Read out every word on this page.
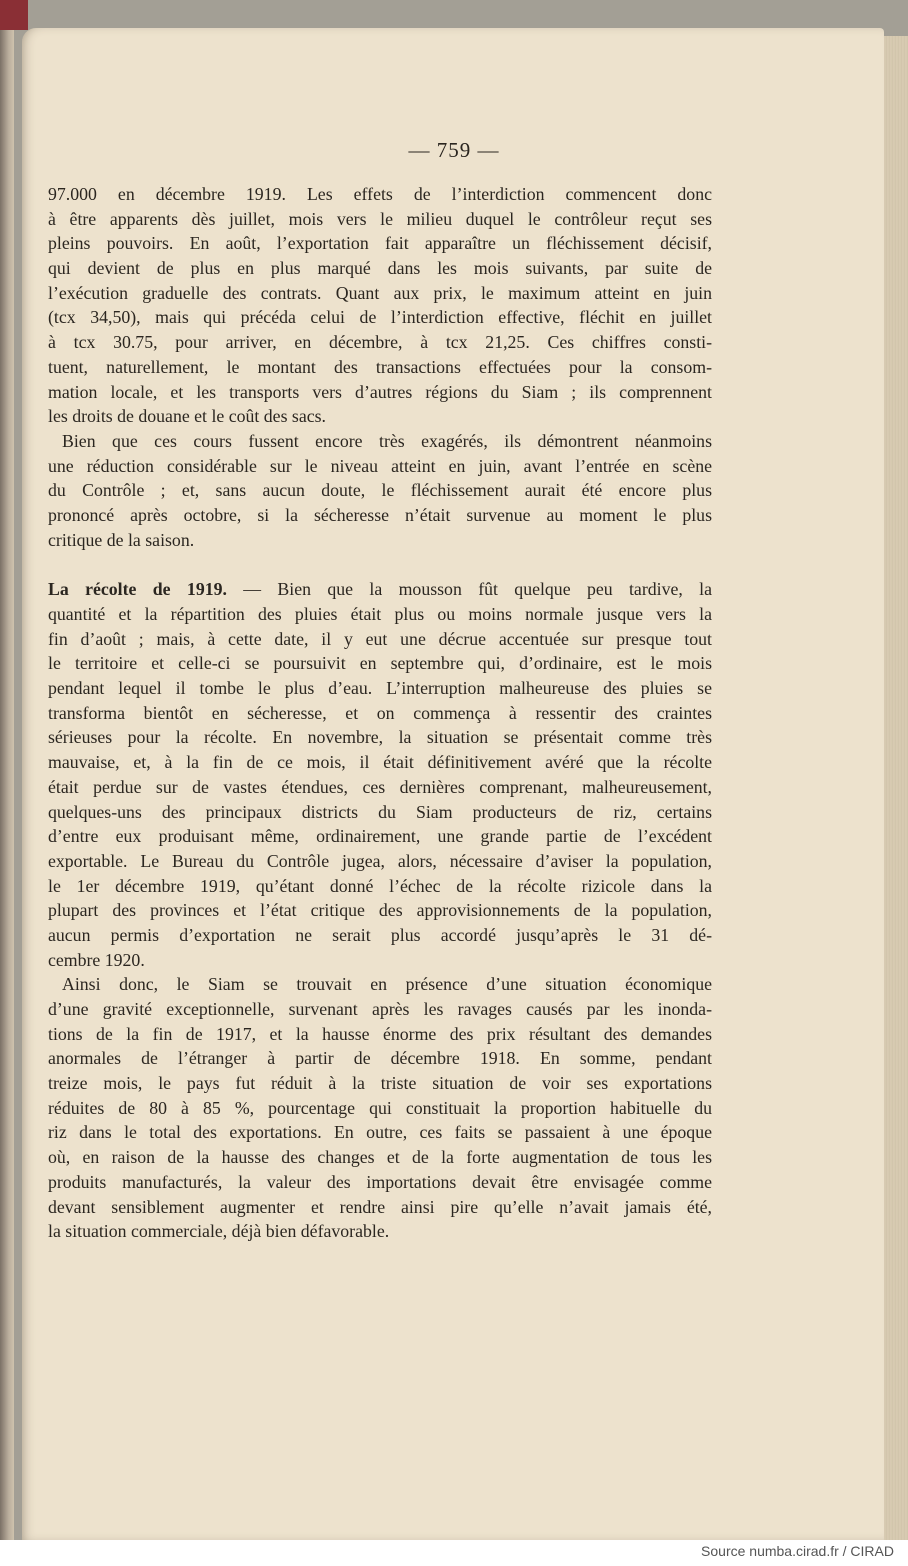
— 759 —
97.000 en décembre 1919. Les effets de l’interdiction commencent donc
à être apparents dès juillet, mois vers le milieu duquel le contrôleur reçut ses
pleins pouvoirs. En août, l’exportation fait apparaître un fléchissement décisif,
qui devient de plus en plus marqué dans les mois suivants, par suite de
l’exécution graduelle des contrats. Quant aux prix, le maximum atteint en juin
(tcx 34,50), mais qui précéda celui de l’interdiction effective, fléchit en juillet
à tcx 30.75, pour arriver, en décembre, à tcx 21,25. Ces chiffres consti-
tuent, naturellement, le montant des transactions effectuées pour la consom-
mation locale, et les transports vers d’autres régions du Siam ; ils comprennent
les droits de douane et le coût des sacs.
Bien que ces cours fussent encore très exagérés, ils démontrent néanmoins
une réduction considérable sur le niveau atteint en juin, avant l’entrée en scène
du Contrôle ; et, sans aucun doute, le fléchissement aurait été encore plus
prononcé après octobre, si la sécheresse n’était survenue au moment le plus
critique de la saison.
La récolte de 1919. — Bien que la mousson fût quelque peu tardive, la
quantité et la répartition des pluies était plus ou moins normale jusque vers la
fin d’août ; mais, à cette date, il y eut une décrue accentuée sur presque tout
le territoire et celle-ci se poursuivit en septembre qui, d’ordinaire, est le mois
pendant lequel il tombe le plus d’eau. L’interruption malheureuse des pluies se
transforma bientôt en sécheresse, et on commença à ressentir des craintes
sérieuses pour la récolte. En novembre, la situation se présentait comme très
mauvaise, et, à la fin de ce mois, il était définitivement avéré que la récolte
était perdue sur de vastes étendues, ces dernières comprenant, malheureusement,
quelques-uns des principaux districts du Siam producteurs de riz, certains
d’entre eux produisant même, ordinairement, une grande partie de l’excédent
exportable. Le Bureau du Contrôle jugea, alors, nécessaire d’aviser la population,
le 1er décembre 1919, qu’étant donné l’échec de la récolte rizicole dans la
plupart des provinces et l’état critique des approvisionnements de la population,
aucun permis d’exportation ne serait plus accordé jusqu’après le 31 dé-
cembre 1920.
Ainsi donc, le Siam se trouvait en présence d’une situation économique
d’une gravité exceptionnelle, survenant après les ravages causés par les inonda-
tions de la fin de 1917, et la hausse énorme des prix résultant des demandes
anormales de l’étranger à partir de décembre 1918. En somme, pendant
treize mois, le pays fut réduit à la triste situation de voir ses exportations
réduites de 80 à 85 %, pourcentage qui constituait la proportion habituelle du
riz dans le total des exportations. En outre, ces faits se passaient à une époque
où, en raison de la hausse des changes et de la forte augmentation de tous les
produits manufacturés, la valeur des importations devait être envisagée comme
devant sensiblement augmenter et rendre ainsi pire qu’elle n’avait jamais été,
la situation commerciale, déjà bien défavorable.
Source numba.cirad.fr / CIRAD
